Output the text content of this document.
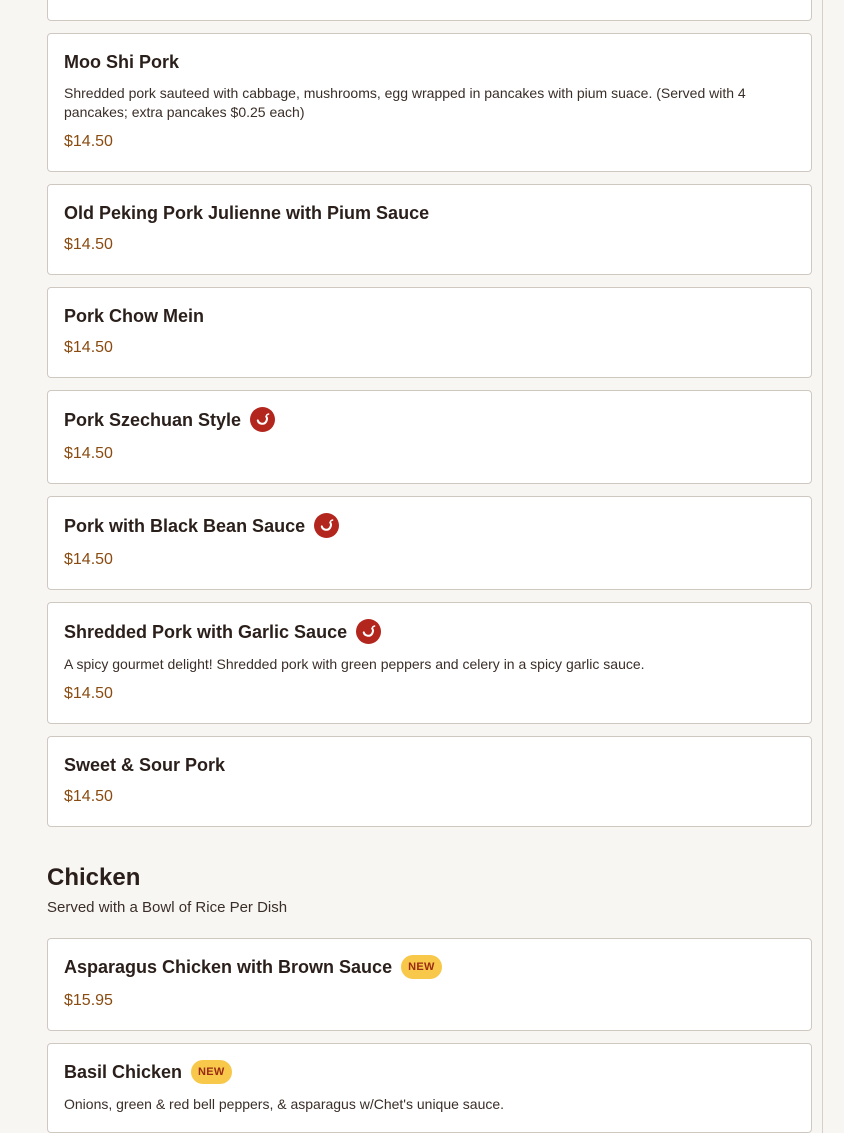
Moo Shi Pork
Shredded pork sauteed with cabbage, mushrooms, egg wrapped in pancakes with pium suace. (Served with 4 pancakes; extra pancakes $0.25 each)
$14.50
Old Peking Pork Julienne with Pium Sauce
$14.50
Pork Chow Mein
$14.50
Pork Szechuan Style
$14.50
Pork with Black Bean Sauce
$14.50
Shredded Pork with Garlic Sauce
A spicy gourmet delight! Shredded pork with green peppers and celery in a spicy garlic sauce.
$14.50
Sweet & Sour Pork
$14.50
Chicken
Served with a Bowl of Rice Per Dish
Asparagus Chicken with Brown Sauce	NEW
$15.95
Basil Chicken	NEW
Onions, green & red bell peppers, & asparagus w/Chet's unique sauce.
